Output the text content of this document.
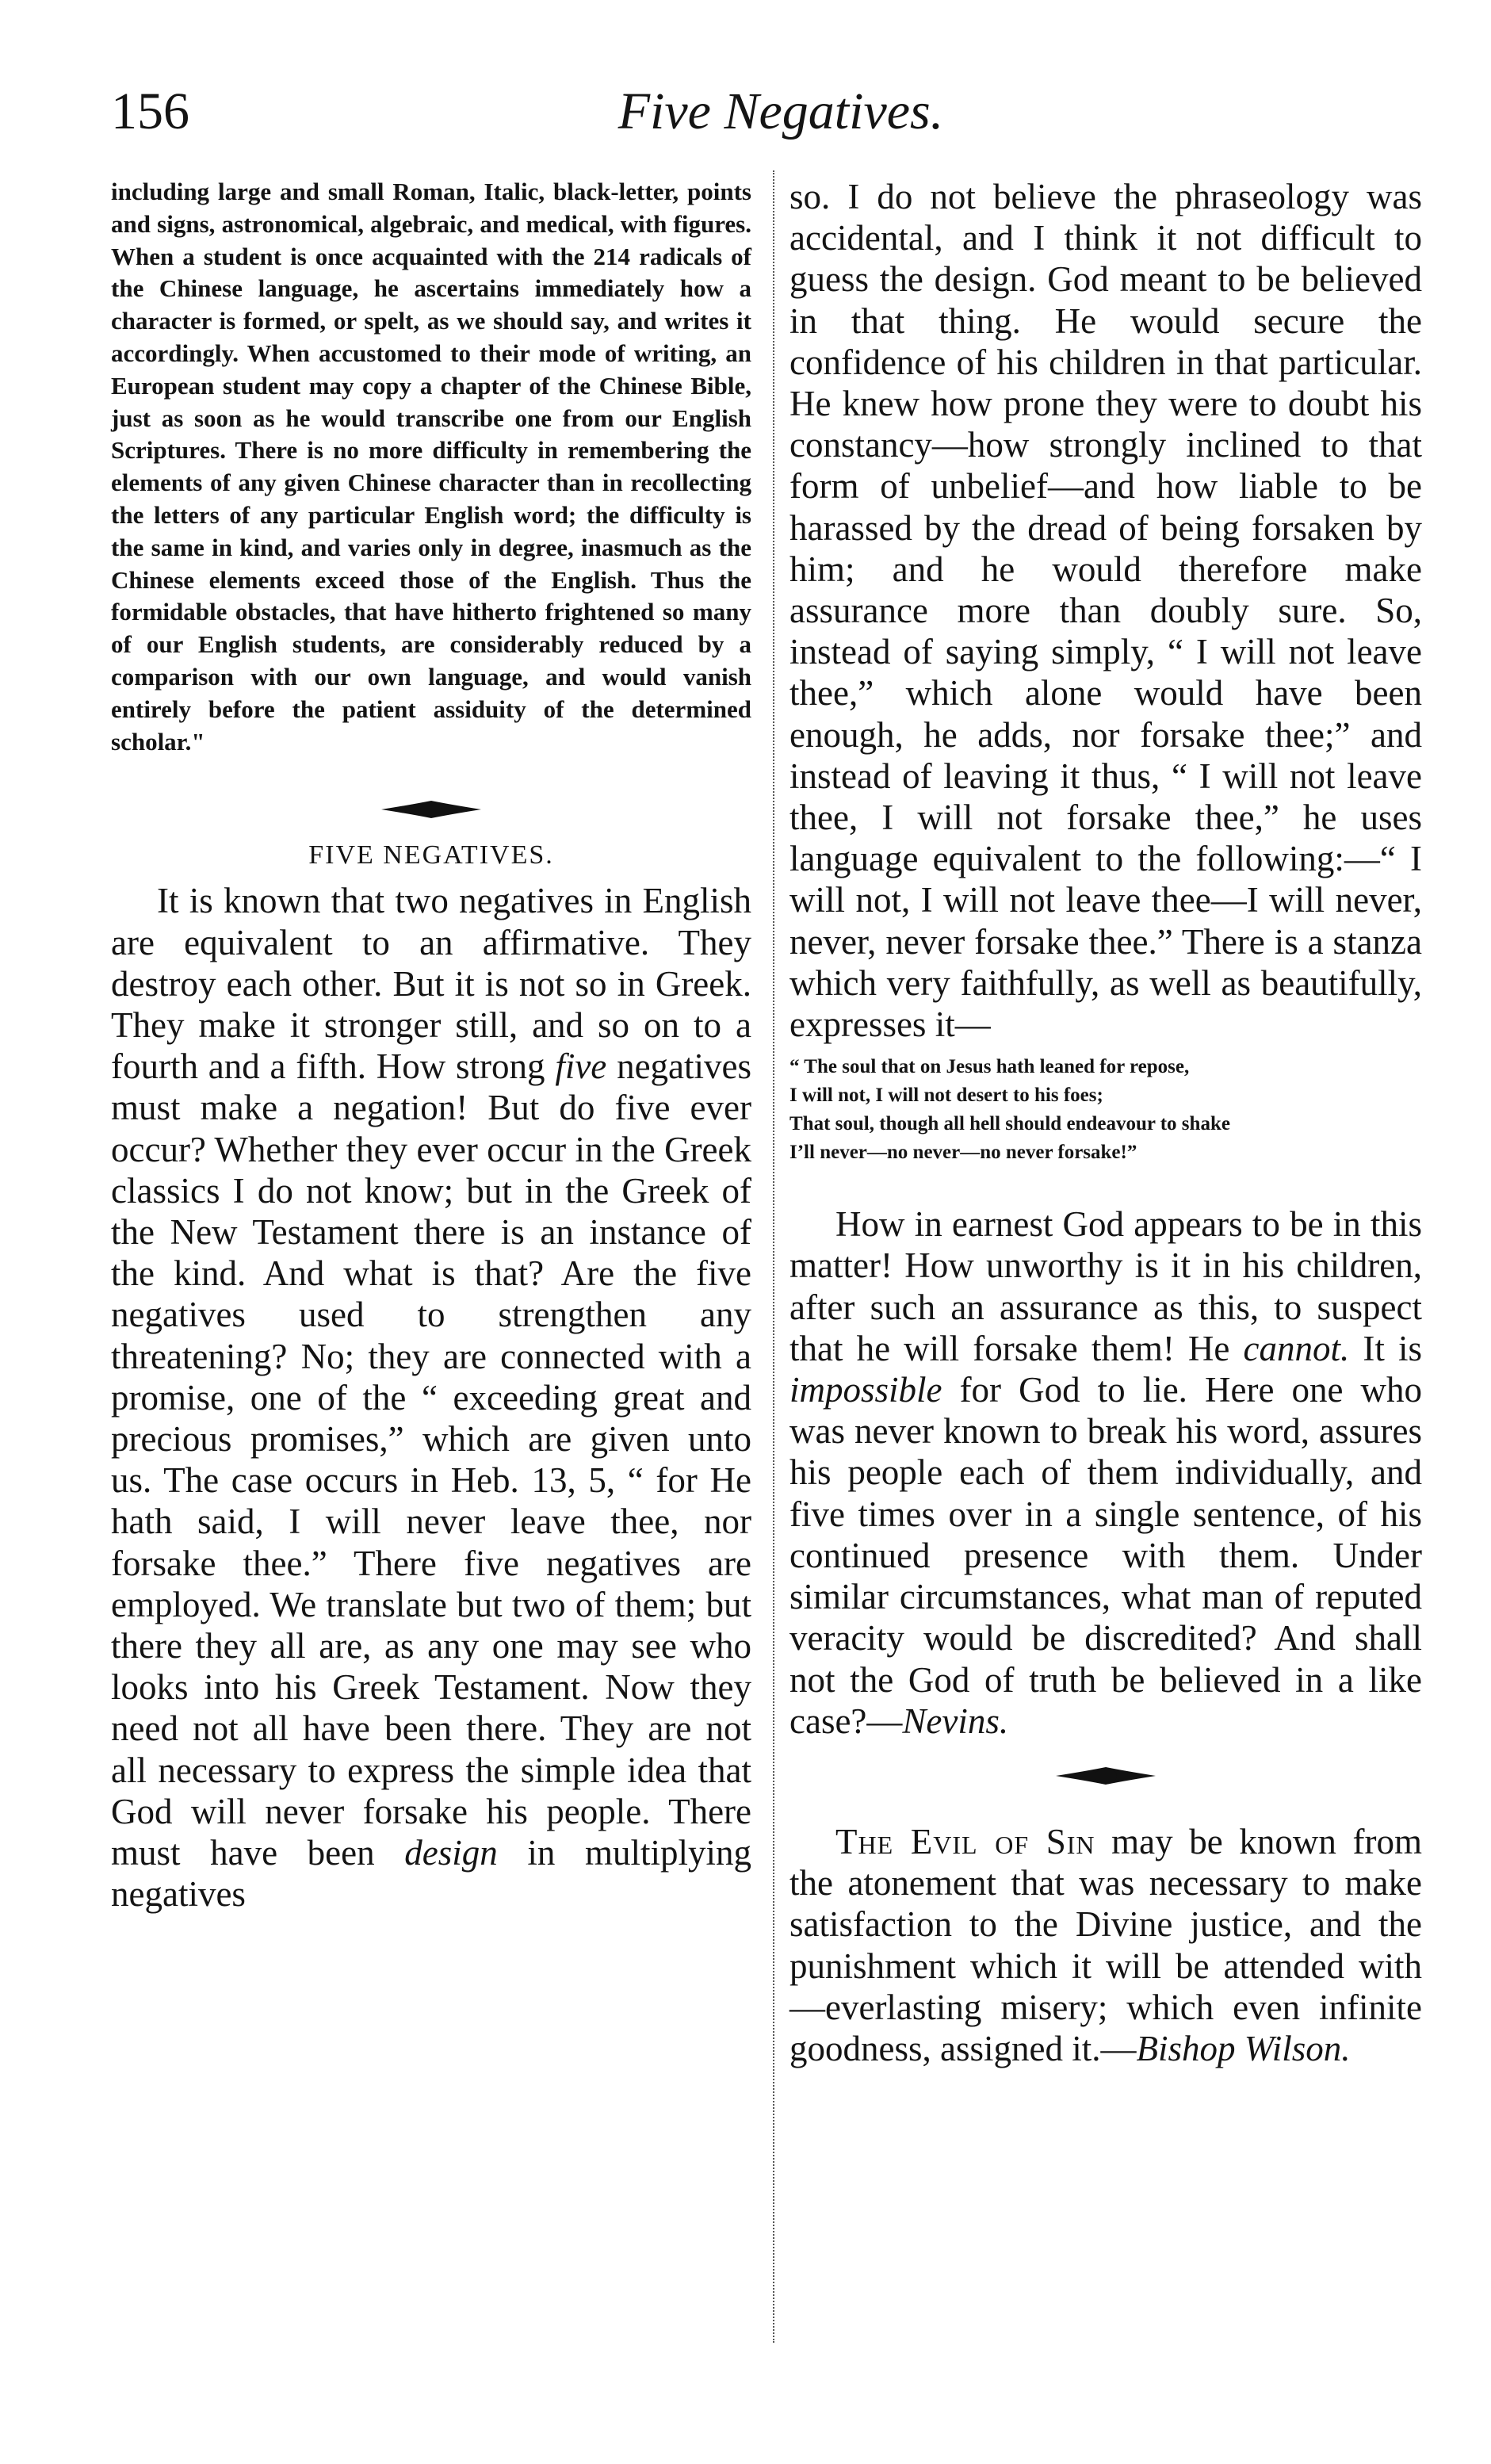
156	Five Negatives.

including large and small Roman, Italic, black-letter, points and signs, astronomical, algebraic, and medical, with figures. When a student is once acquainted with the 214 radicals of the Chinese language, he ascertains immediately how a character is formed, or spelt, as we should say, and writes it accordingly. When accustomed to their mode of writing, an European student may copy a chapter of the Chinese Bible, just as soon as he would transcribe one from our English Scriptures. There is no more difficulty in remembering the elements of any given Chinese character than in recollecting the letters of any particular English word; the difficulty is the same in kind, and varies only in degree, inasmuch as the Chinese elements exceed those of the English. Thus the formidable obstacles, that have hitherto frightened so many of our English students, are considerably reduced by a comparison with our own language, and would vanish entirely before the patient assiduity of the determined scholar."

FIVE NEGATIVES.

It is known that two negatives in English are equivalent to an affirmative. They destroy each other. But it is not so in Greek. They make it stronger still, and so on to a fourth and a fifth. How strong five negatives must make a negation! But do five ever occur? Whether they ever occur in the Greek classics I do not know; but in the Greek of the New Testament there is an instance of the kind. And what is that? Are the five negatives used to strengthen any threatening? No; they are connected with a promise, one of the “ exceeding great and precious promises,” which are given unto us. The case occurs in Heb. 13, 5, “ for He hath said, I will never leave thee, nor forsake thee.” There five negatives are employed. We translate but two of them; but there they all are, as any one may see who looks into his Greek Testament. Now they need not all have been there. They are not all necessary to express the simple idea that God will never forsake his people. There must have been design in multiplying negatives

so. I do not believe the phraseology was accidental, and I think it not difficult to guess the design. God meant to be believed in that thing. He would secure the confidence of his children in that particular. He knew how prone they were to doubt his constancy—how strongly inclined to that form of unbelief—and how liable to be harassed by the dread of being forsaken by him; and he would therefore make assurance more than doubly sure. So, instead of saying simply, “ I will not leave thee,” which alone would have been enough, he adds, nor forsake thee;” and instead of leaving it thus, “ I will not leave thee, I will not forsake thee,” he uses language equivalent to the following:—“ I will not, I will not leave thee—I will never, never, never forsake thee.” There is a stanza which very faithfully, as well as beautifully, expresses it—

“ The soul that on Jesus hath leaned for repose,
I will not, I will not desert to his foes;
That soul, though all hell should endeavour to shake
I’ll never—no never—no never forsake!”

How in earnest God appears to be in this matter! How unworthy is it in his children, after such an assurance as this, to suspect that he will forsake them! He cannot. It is impossible for God to lie. Here one who was never known to break his word, assures his people each of them individually, and five times over in a single sentence, of his continued presence with them. Under similar circumstances, what man of reputed veracity would be discredited? And shall not the God of truth be believed in a like case?—Nevins.

The Evil of Sin may be known from the atonement that was necessary to make satisfaction to the Divine justice, and the punishment which it will be attended with—everlasting misery; which even infinite goodness, assigned it.—Bishop Wilson.
